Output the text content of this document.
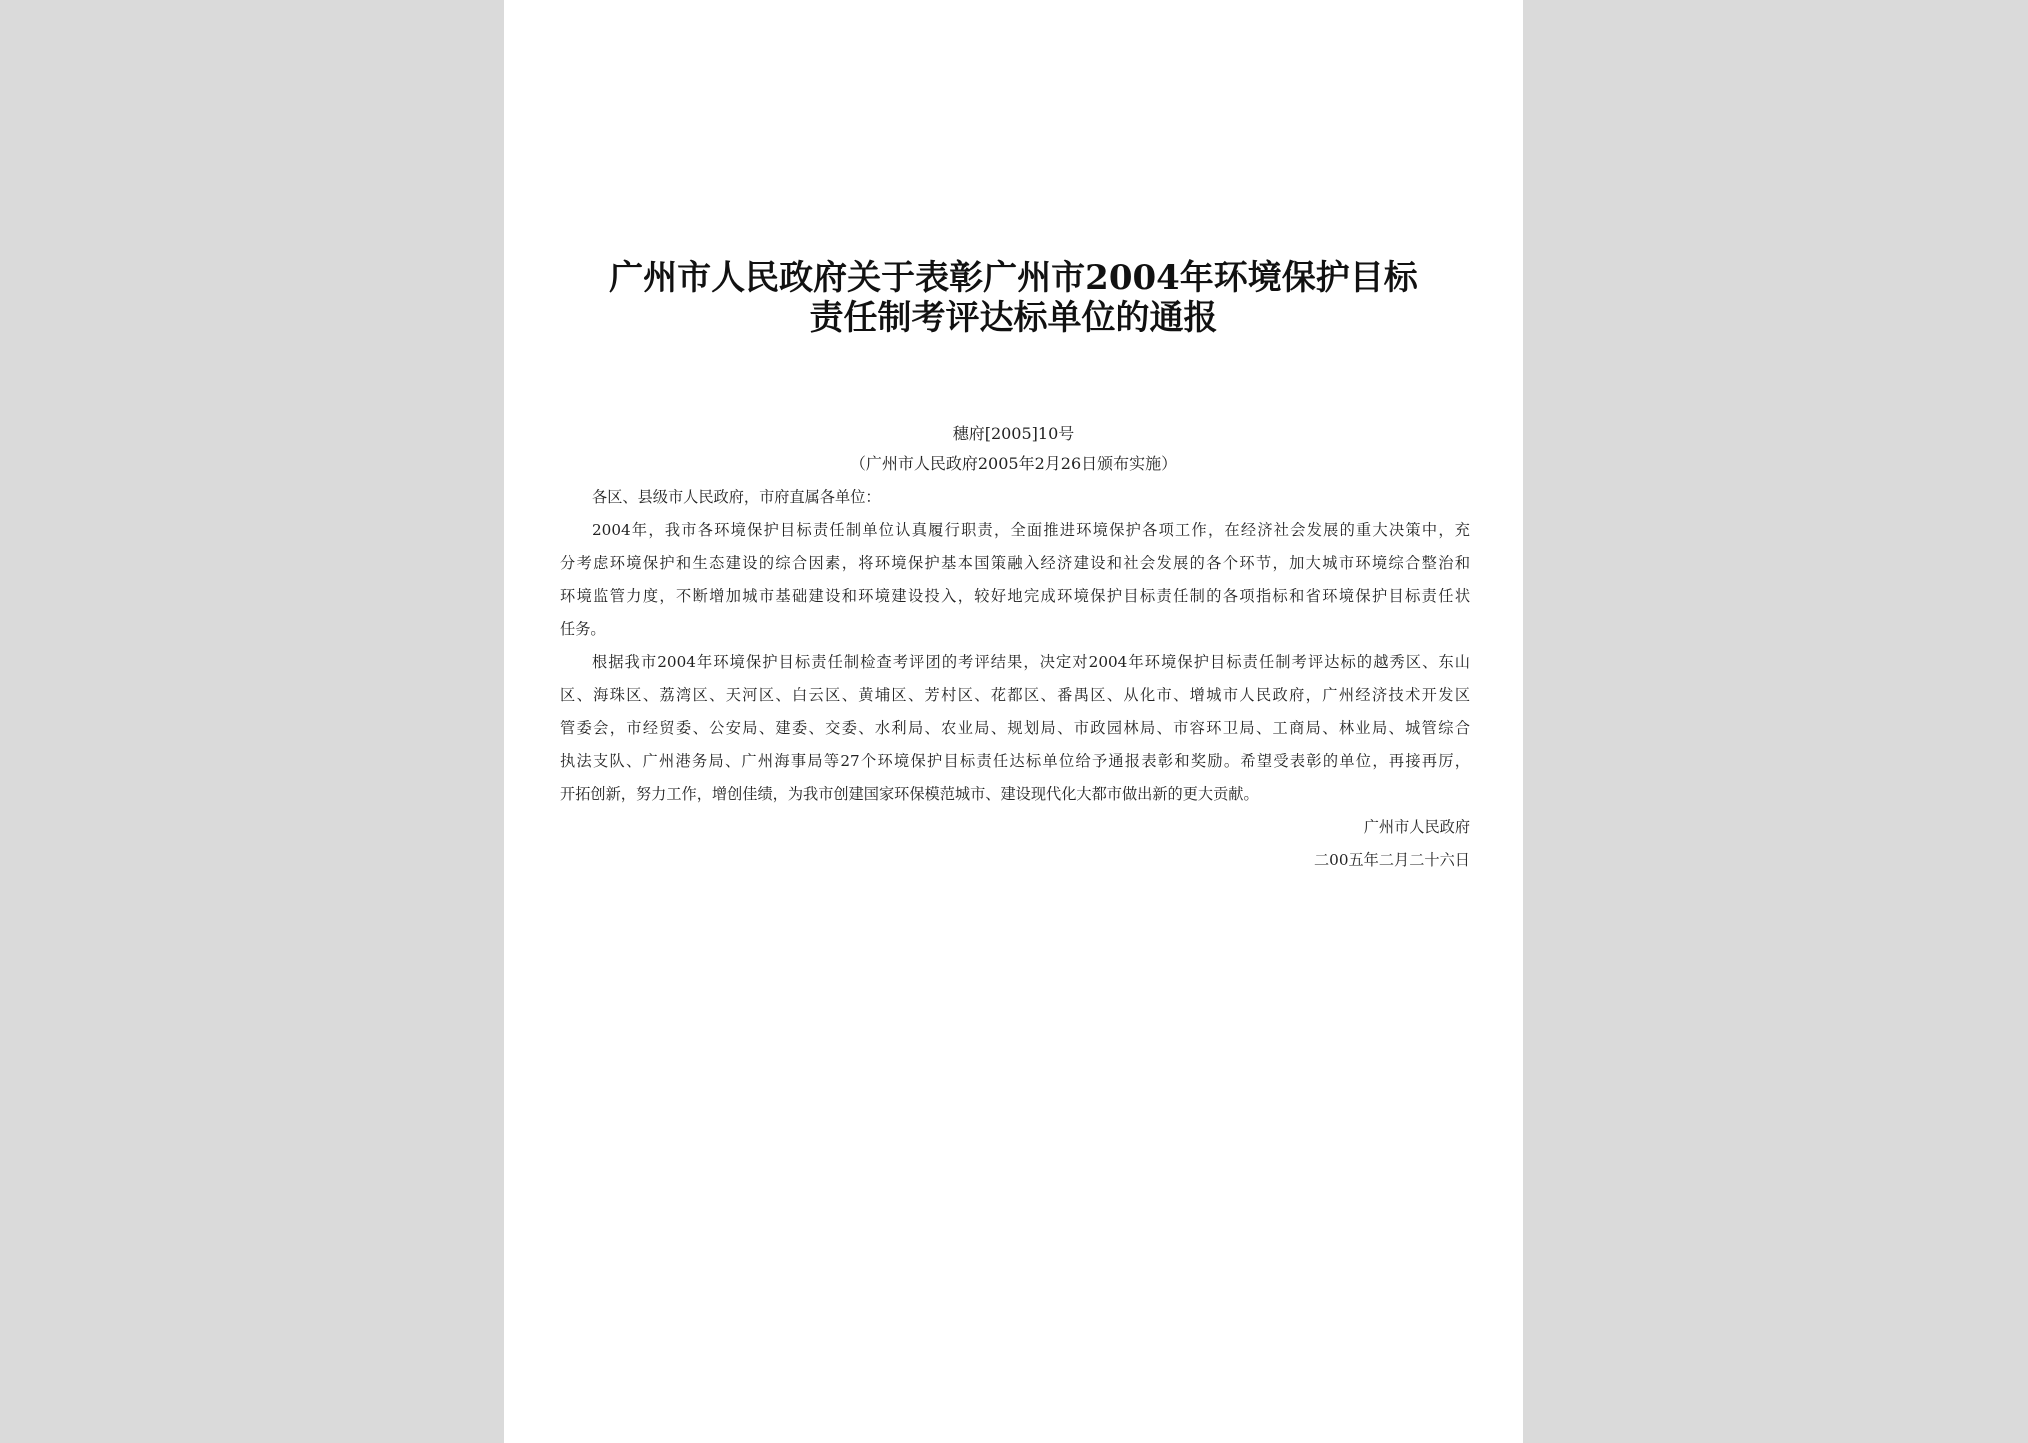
广州市人民政府关于表彰广州市2004年环境保护目标
责任制考评达标单位的通报
穗府[2005]10号
（广州市人民政府2005年2月26日颁布实施）
各区、县级市人民政府，市府直属各单位：
2004年，我市各环境保护目标责任制单位认真履行职责，全面推进环境保护各项工作，在经济社会发展的重大决策中，充
分考虑环境保护和生态建设的综合因素，将环境保护基本国策融入经济建设和社会发展的各个环节，加大城市环境综合整治和
环境监管力度，不断增加城市基础建设和环境建设投入，较好地完成环境保护目标责任制的各项指标和省环境保护目标责任状
任务。
根据我市2004年环境保护目标责任制检查考评团的考评结果，决定对2004年环境保护目标责任制考评达标的越秀区、东山
区、海珠区、荔湾区、天河区、白云区、黄埔区、芳村区、花都区、番禺区、从化市、增城市人民政府，广州经济技术开发区
管委会，市经贸委、公安局、建委、交委、水利局、农业局、规划局、市政园林局、市容环卫局、工商局、林业局、城管综合
执法支队、广州港务局、广州海事局等27个环境保护目标责任达标单位给予通报表彰和奖励。希望受表彰的单位，再接再厉，
开拓创新，努力工作，增创佳绩，为我市创建国家环保模范城市、建设现代化大都市做出新的更大贡献。
广州市人民政府
二00五年二月二十六日
